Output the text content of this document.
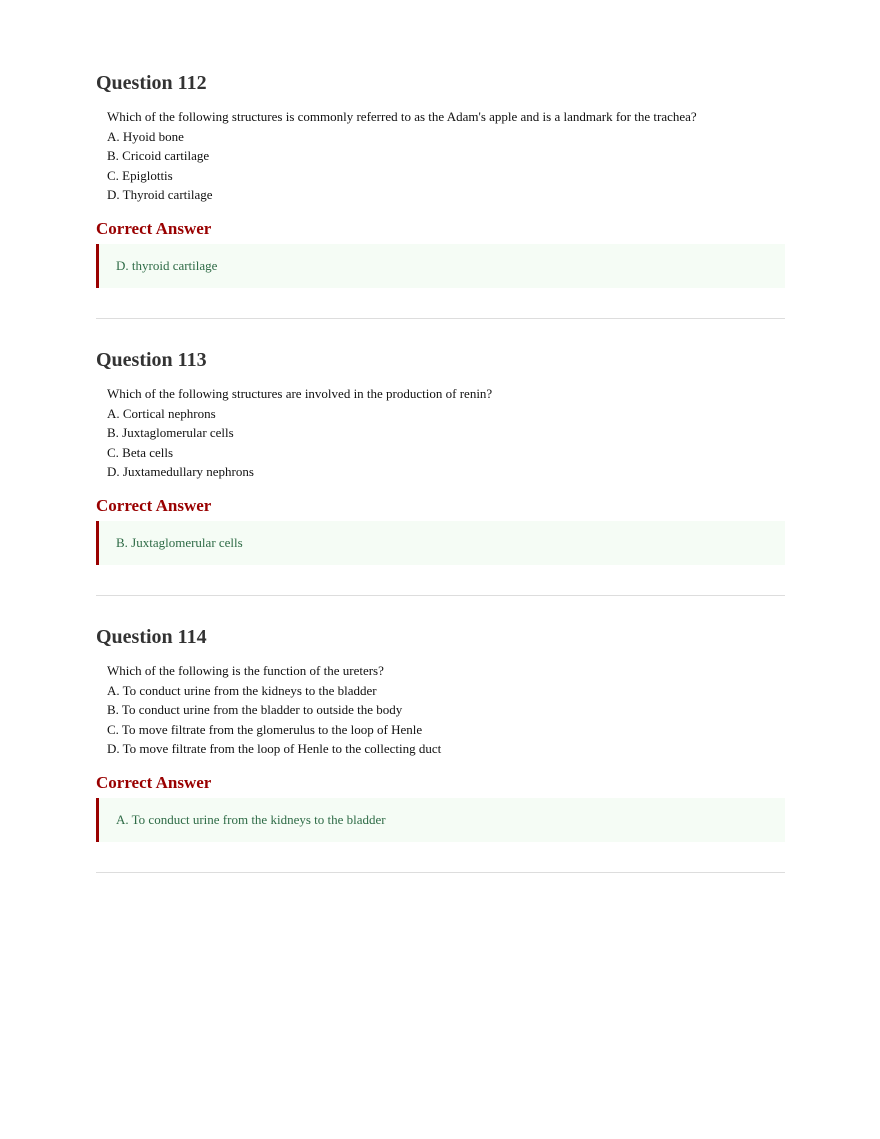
Question 112
Which of the following structures is commonly referred to as the Adam's apple and is a landmark for the trachea?
A. Hyoid bone
B. Cricoid cartilage
C. Epiglottis
D. Thyroid cartilage
Correct Answer
D. thyroid cartilage
Question 113
Which of the following structures are involved in the production of renin?
A. Cortical nephrons
B. Juxtaglomerular cells
C. Beta cells
D. Juxtamedullary nephrons
Correct Answer
B. Juxtaglomerular cells
Question 114
Which of the following is the function of the ureters?
A. To conduct urine from the kidneys to the bladder
B. To conduct urine from the bladder to outside the body
C. To move filtrate from the glomerulus to the loop of Henle
D. To move filtrate from the loop of Henle to the collecting duct
Correct Answer
A. To conduct urine from the kidneys to the bladder
